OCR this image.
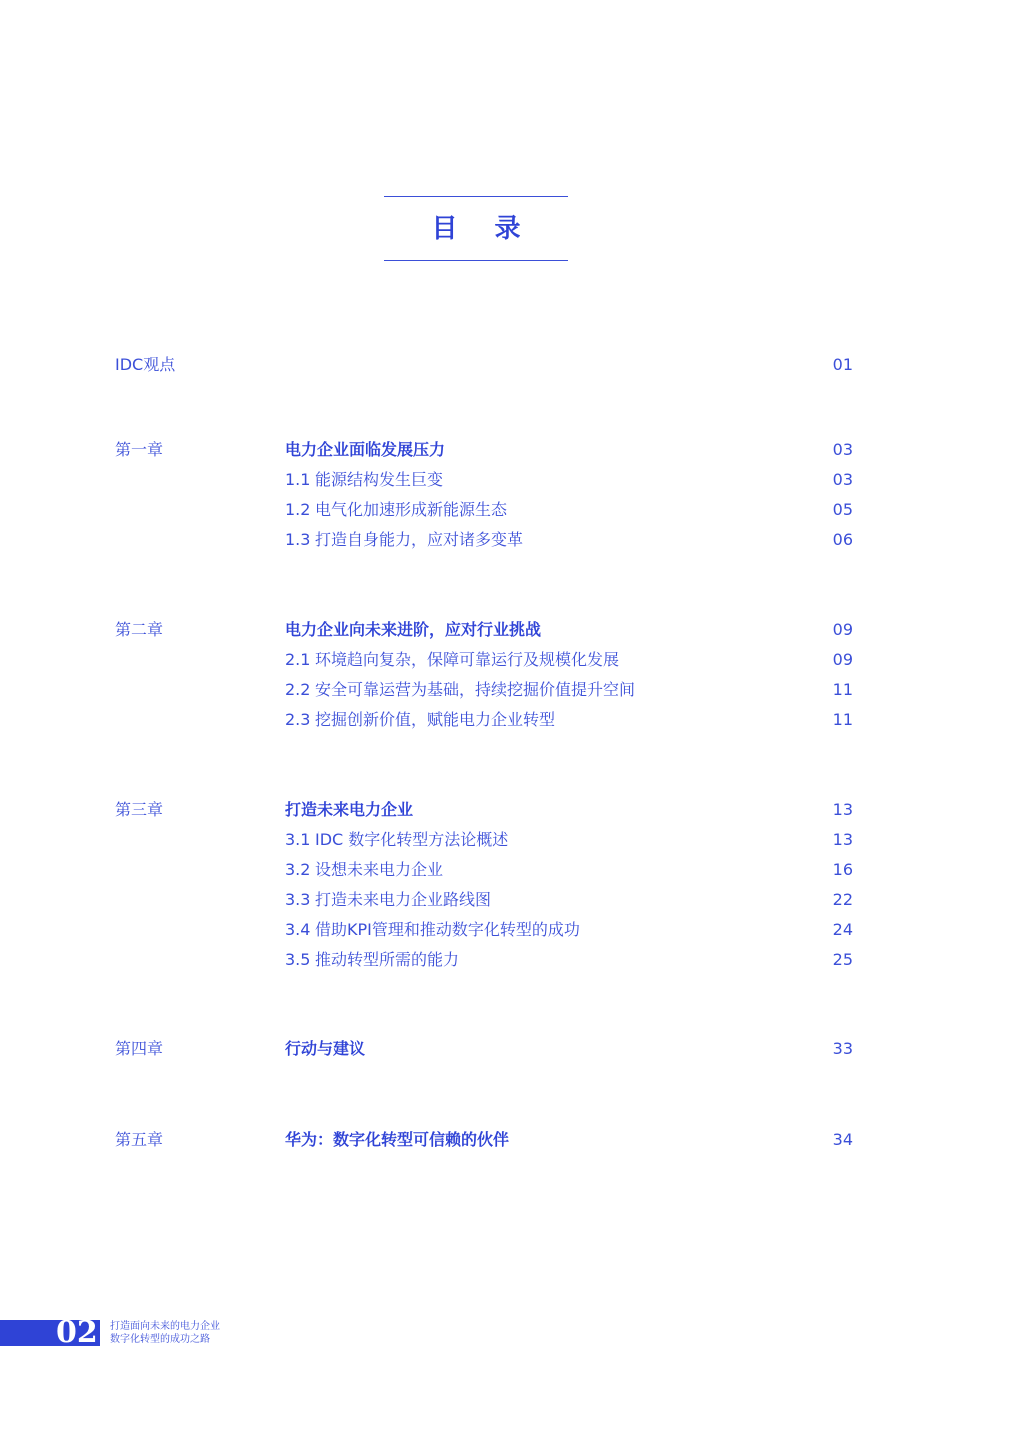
目 录
IDC观点	01
第一章	电力企业面临发展压力	03
1.1 能源结构发生巨变	03
1.2 电气化加速形成新能源生态	05
1.3 打造自身能力，应对诸多变革	06
第二章	电力企业向未来进阶，应对行业挑战	09
2.1 环境趋向复杂，保障可靠运行及规模化发展	09
2.2 安全可靠运营为基础，持续挖掘价值提升空间	11
2.3 挖掘创新价值，赋能电力企业转型	11
第三章	打造未来电力企业	13
3.1 IDC 数字化转型方法论概述	13
3.2 设想未来电力企业	16
3.3 打造未来电力企业路线图	22
3.4 借助KPI管理和推动数字化转型的成功	24
3.5 推动转型所需的能力	25
第四章	行动与建议	33
第五章	华为：数字化转型可信赖的伙伴	34
02 打造面向未来的电力企业
数字化转型的成功之路
